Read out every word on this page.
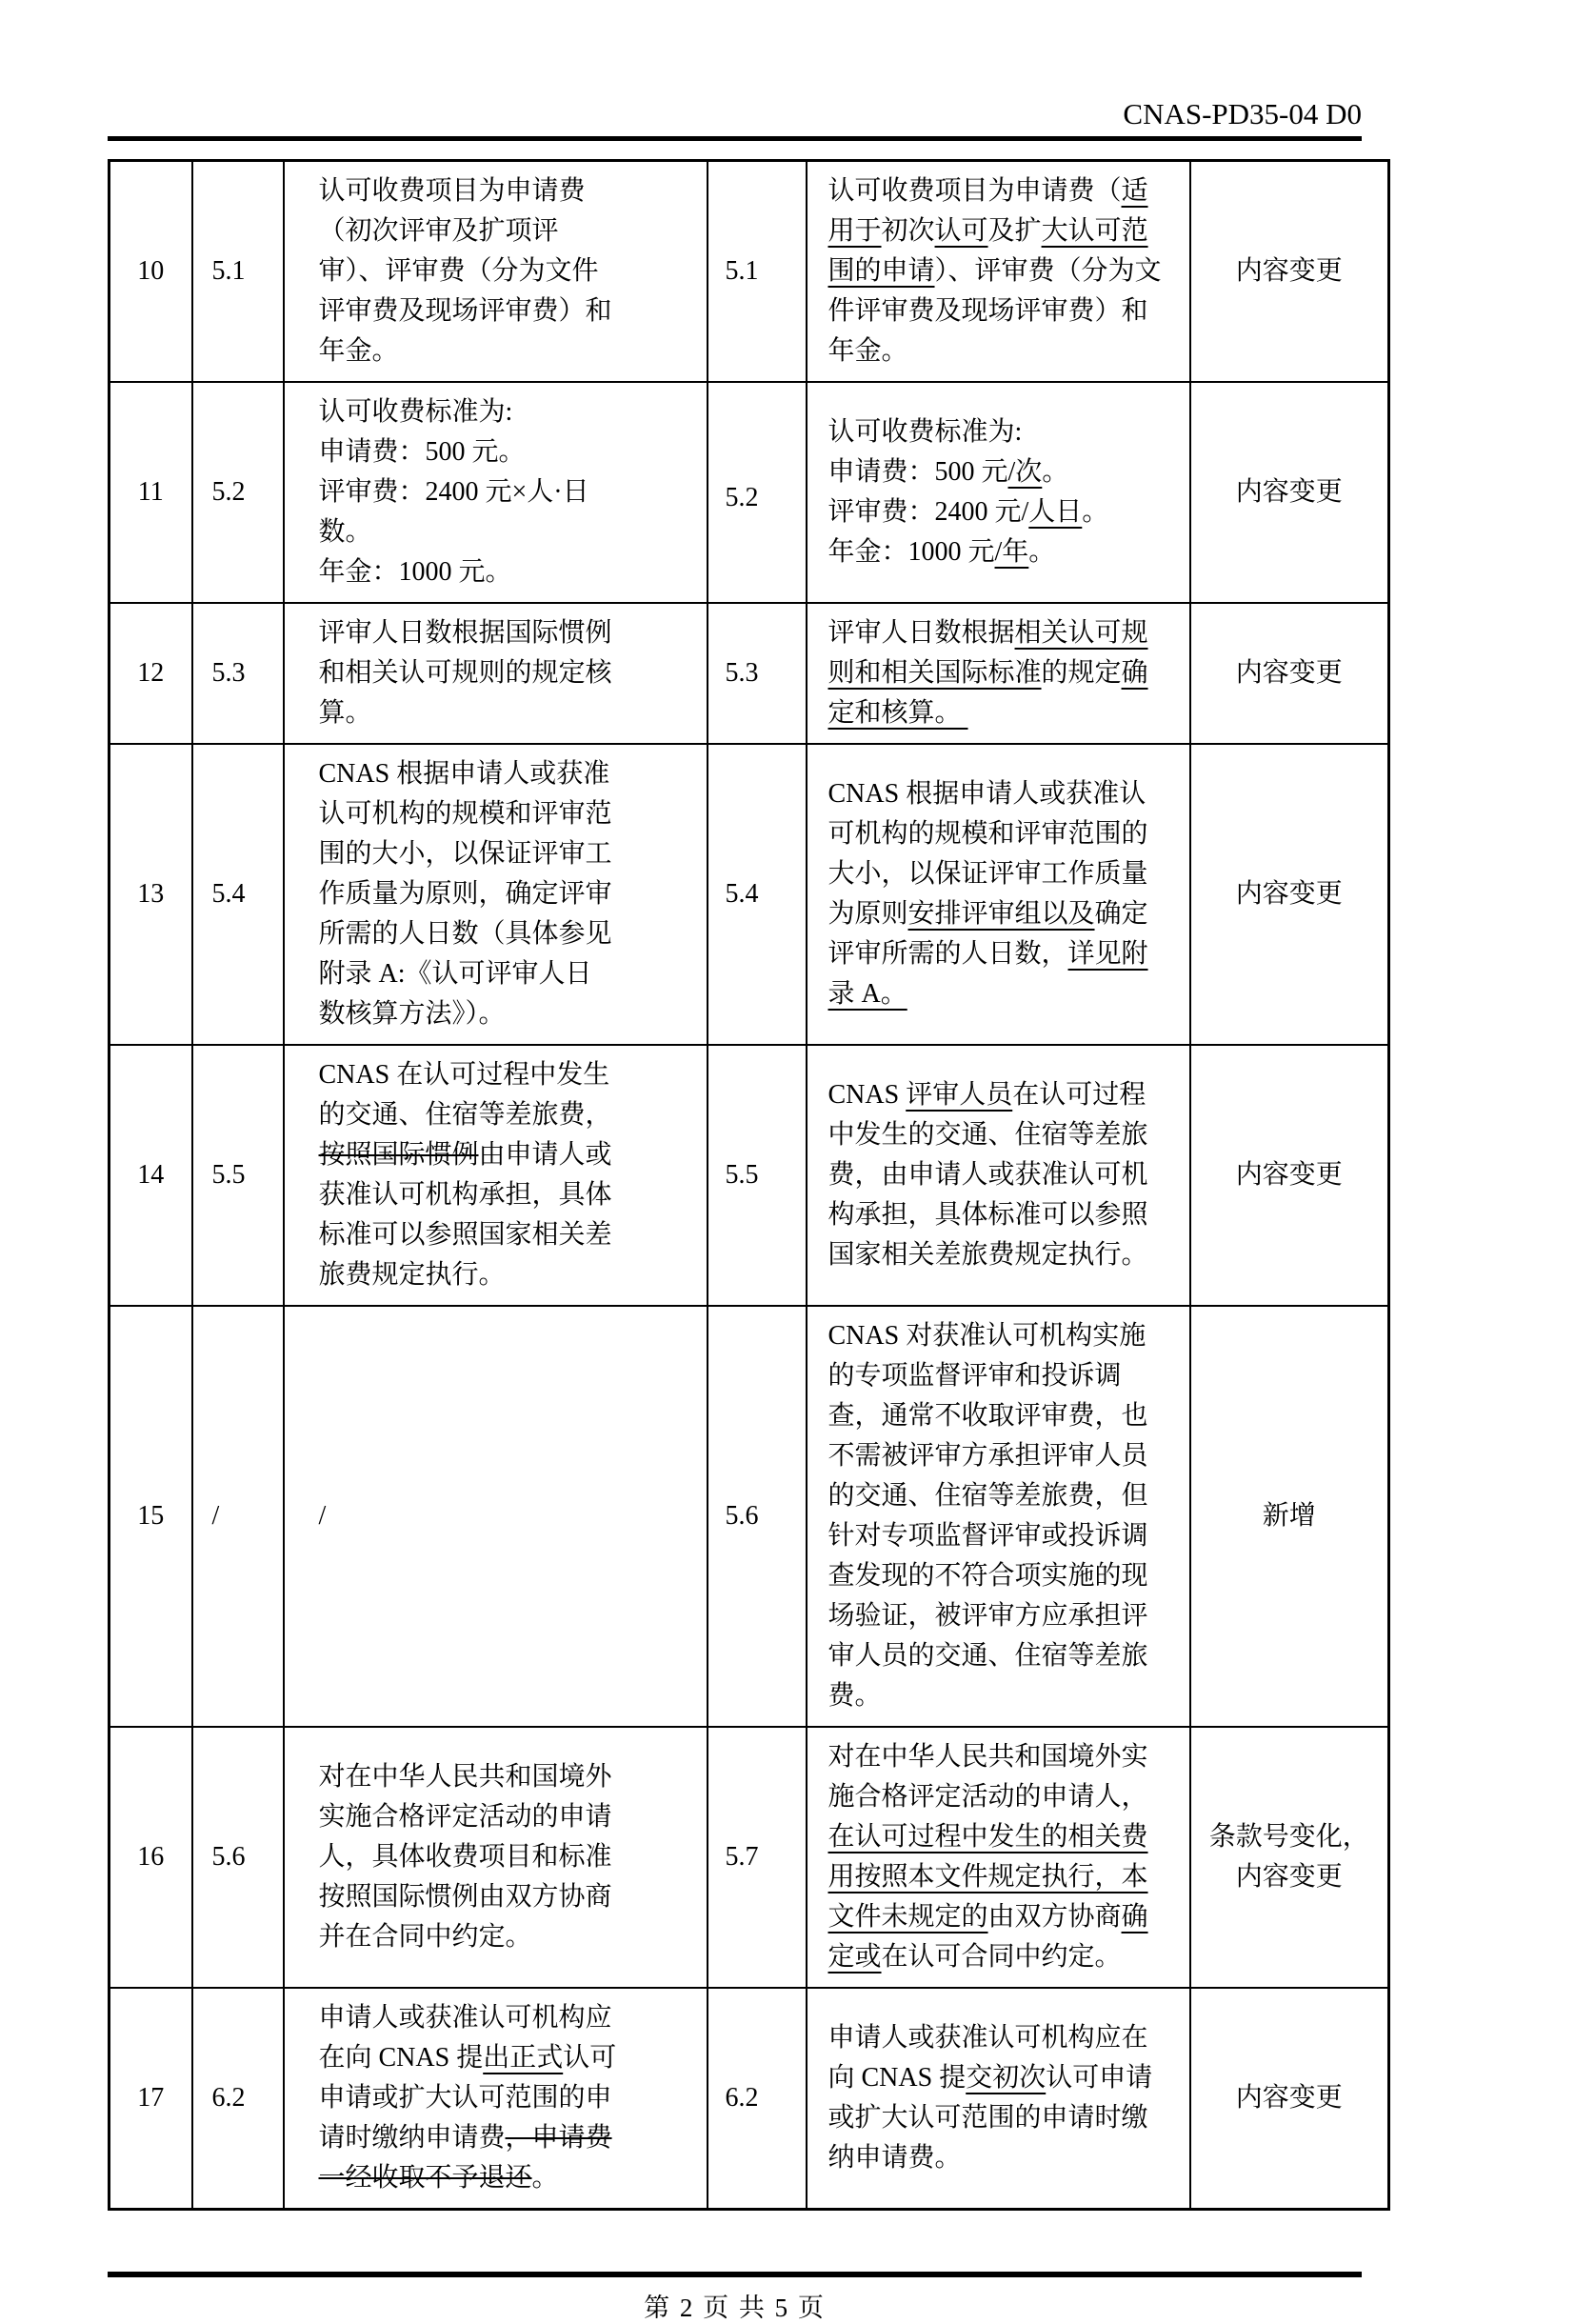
CNAS-PD35-04 D0
10	5.1	认可收费项目为申请费（初次评审及扩项评审）、评审费（分为文件评审费及现场评审费）和年金。	5.1	认可收费项目为申请费（适用于初次认可及扩大认可范围的申请）、评审费（分为文件评审费及现场评审费）和年金。	内容变更
11	5.2	认可收费标准为:
申请费：500 元。
评审费：2400 元×人·日数。
年金：1000 元。	5.2	认可收费标准为:
申请费：500 元/次。
评审费：2400 元/人日。
年金：1000 元/年。	内容变更
12	5.3	评审人日数根据国际惯例和相关认可规则的规定核算。	5.3	评审人日数根据相关认可规则和相关国际标准的规定确定和核算。	内容变更
13	5.4	CNAS 根据申请人或获准认可机构的规模和评审范围的大小，以保证评审工作质量为原则，确定评审所需的人日数（具体参见附录 A:《认可评审人日数核算方法》）。	5.4	CNAS 根据申请人或获准认可机构的规模和评审范围的大小，以保证评审工作质量为原则安排评审组以及确定评审所需的人日数，详见附录 A。	内容变更
14	5.5	CNAS 在认可过程中发生的交通、住宿等差旅费，按照国际惯例由申请人或获准认可机构承担，具体标准可以参照国家相关差旅费规定执行。	5.5	CNAS 评审人员在认可过程中发生的交通、住宿等差旅费，由申请人或获准认可机构承担，具体标准可以参照国家相关差旅费规定执行。	内容变更
15	/	/	5.6	CNAS 对获准认可机构实施的专项监督评审和投诉调查，通常不收取评审费，也不需被评审方承担评审人员的交通、住宿等差旅费，但针对专项监督评审或投诉调查发现的不符合项实施的现场验证，被评审方应承担评审人员的交通、住宿等差旅费。	新增
16	5.6	对在中华人民共和国境外实施合格评定活动的申请人，具体收费项目和标准按照国际惯例由双方协商并在合同中约定。	5.7	对在中华人民共和国境外实施合格评定活动的申请人，在认可过程中发生的相关费用按照本文件规定执行，本文件未规定的由双方协商确定或在认可合同中约定。	条款号变化，
内容变更
17	6.2	申请人或获准认可机构应在向 CNAS 提出正式认可申请或扩大认可范围的申请时缴纳申请费，申请费一经收取不予退还。	6.2	申请人或获准认可机构应在向 CNAS 提交初次认可申请或扩大认可范围的申请时缴纳申请费。	内容变更
第 2 页 共 5 页
